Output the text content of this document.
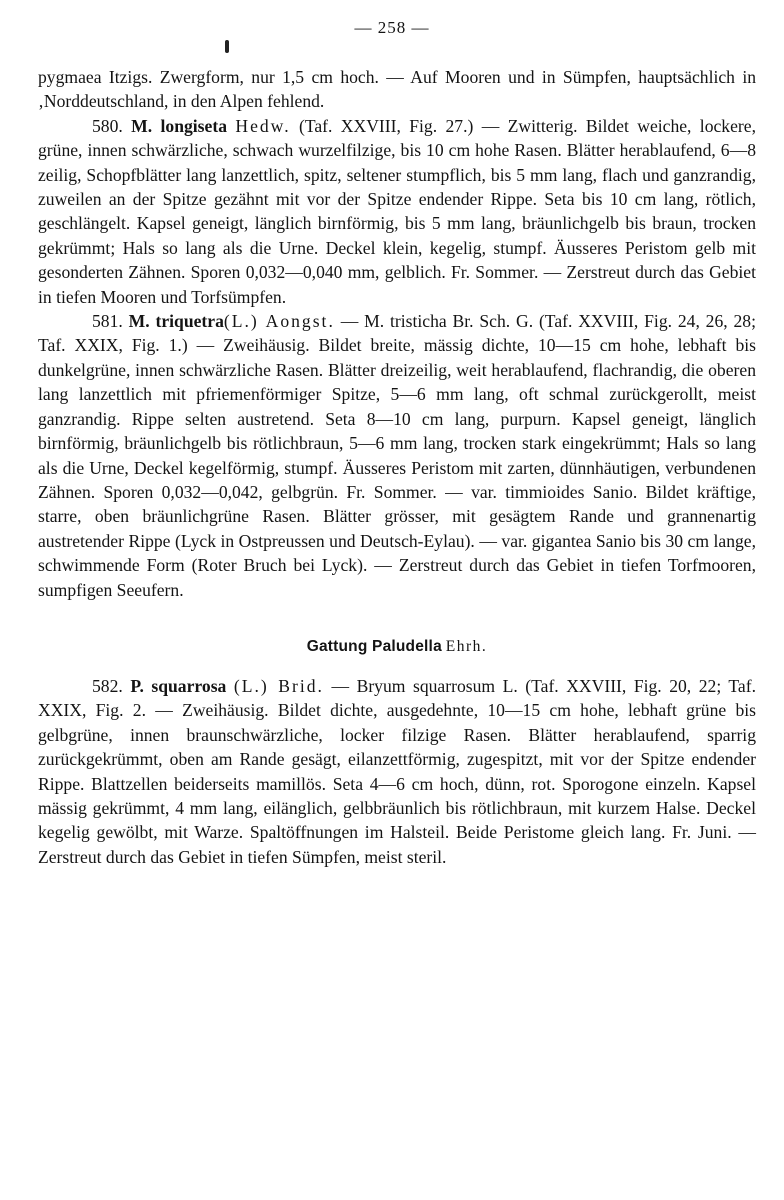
— 258 —

pygmaea Itzigs. Zwergform, nur 1,5 cm hoch. — Auf Mooren und in Sümpfen, hauptsächlich in ‚Norddeutschland, in den Alpen fehlend.

580. M. longiseta Hedw. (Taf. XXVIII, Fig. 27.) — Zwitterig. Bildet weiche, lockere, grüne, innen schwärzliche, schwach wurzelfilzige, bis 10 cm hohe Rasen. Blätter herablaufend, 6—8 zeilig, Schopfblätter lang lanzettlich, spitz, seltener stumpflich, bis 5 mm lang, flach und ganzrandig, zuweilen an der Spitze gezähnt mit vor der Spitze endender Rippe. Seta bis 10 cm lang, rötlich, geschlängelt. Kapsel geneigt, länglich birnförmig, bis 5 mm lang, bräunlichgelb bis braun, trocken gekrümmt; Hals so lang als die Urne. Deckel klein, kegelig, stumpf. Äusseres Peristom gelb mit gesonderten Zähnen. Sporen 0,032—0,040 mm, gelblich. Fr. Sommer. — Zerstreut durch das Gebiet in tiefen Mooren und Torfsümpfen.

581. M. triquetra(L.) Aongst. — M. tristicha Br. Sch. G. (Taf. XXVIII, Fig. 24, 26, 28; Taf. XXIX, Fig. 1.) — Zweihäusig. Bildet breite, mässig dichte, 10—15 cm hohe, lebhaft bis dunkelgrüne, innen schwärzliche Rasen. Blätter dreizeilig, weit herablaufend, flachrandig, die oberen lang lanzettlich mit pfriemenförmiger Spitze, 5—6 mm lang, oft schmal zurückgerollt, meist ganzrandig. Rippe selten austretend. Seta 8—10 cm lang, purpurn. Kapsel geneigt, länglich birnförmig, bräunlichgelb bis rötlichbraun, 5—6 mm lang, trocken stark eingekrümmt; Hals so lang als die Urne, Deckel kegelförmig, stumpf. Äusseres Peristom mit zarten, dünnhäutigen, verbundenen Zähnen. Sporen 0,032—0,042, gelbgrün. Fr. Sommer. — var. timmioides Sanio. Bildet kräftige, starre, oben bräunlichgrüne Rasen. Blätter grösser, mit gesägtem Rande und grannenartig austretender Rippe (Lyck in Ostpreussen und Deutsch-Eylau). — var. gigantea Sanio bis 30 cm lange, schwimmende Form (Roter Bruch bei Lyck). — Zerstreut durch das Gebiet in tiefen Torfmooren, sumpfigen Seeufern.

Gattung Paludella Ehrh.

582. P. squarrosa (L.) Brid. — Bryum squarrosum L. (Taf. XXVIII, Fig. 20, 22; Taf. XXIX, Fig. 2. — Zweihäusig. Bildet dichte, ausgedehnte, 10—15 cm hohe, lebhaft grüne bis gelbgrüne, innen braunschwärzliche, locker filzige Rasen. Blätter herablaufend, sparrig zurückgekrümmt, oben am Rande gesägt, eilanzettförmig, zugespitzt, mit vor der Spitze endender Rippe. Blattzellen beiderseits mamillös. Seta 4—6 cm hoch, dünn, rot. Sporogone einzeln. Kapsel mässig gekrümmt, 4 mm lang, eilänglich, gelbbräunlich bis rötlichbraun, mit kurzem Halse. Deckel kegelig gewölbt, mit Warze. Spaltöffnungen im Halsteil. Beide Peristome gleich lang. Fr. Juni. — Zerstreut durch das Gebiet in tiefen Sümpfen, meist steril.
